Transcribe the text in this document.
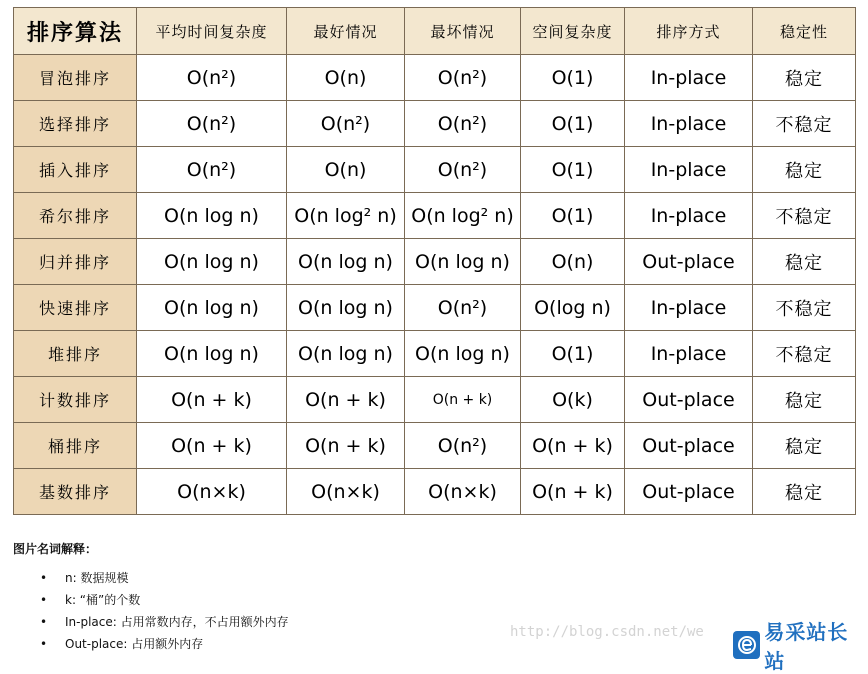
排序算法	平均时间复杂度	最好情况	最坏情况	空间复杂度	排序方式	稳定性
冒泡排序	O(n²)	O(n)	O(n²)	O(1)	In-place	稳定
选择排序	O(n²)	O(n²)	O(n²)	O(1)	In-place	不稳定
插入排序	O(n²)	O(n)	O(n²)	O(1)	In-place	稳定
希尔排序	O(n log n)	O(n log² n)	O(n log² n)	O(1)	In-place	不稳定
归并排序	O(n log n)	O(n log n)	O(n log n)	O(n)	Out-place	稳定
快速排序	O(n log n)	O(n log n)	O(n²)	O(log n)	In-place	不稳定
堆排序	O(n log n)	O(n log n)	O(n log n)	O(1)	In-place	不稳定
计数排序	O(n + k)	O(n + k)	O(n + k)	O(k)	Out-place	稳定
桶排序	O(n + k)	O(n + k)	O(n²)	O(n + k)	Out-place	稳定
基数排序	O(n×k)	O(n×k)	O(n×k)	O(n + k)	Out-place	稳定

图片名词解释：

• n: 数据规模
• k: “桶”的个数
• In-place: 占用常数内存，不占用额外内存
• Out-place: 占用额外内存
http://blog.csdn.net/we	易采站长站
